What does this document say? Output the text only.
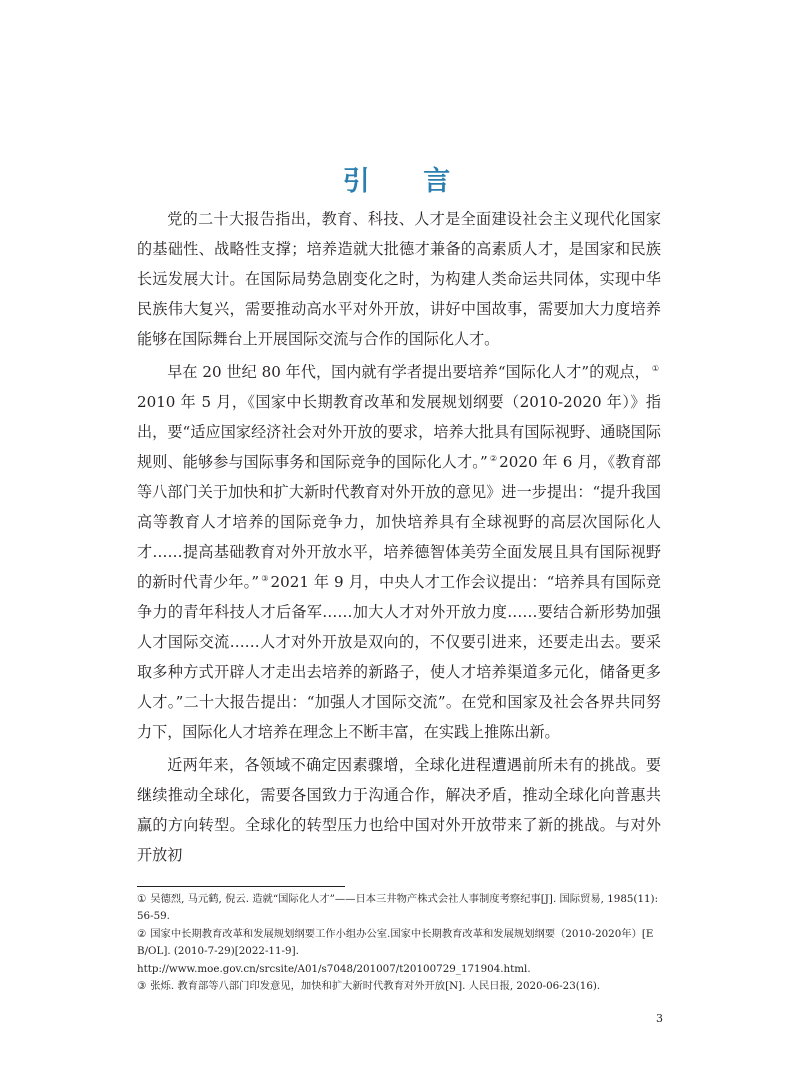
引 言

党的二十大报告指出，教育、科技、人才是全面建设社会主义现代化国家的基础性、战略性支撑；培养造就大批德才兼备的高素质人才，是国家和民族长远发展大计。在国际局势急剧变化之时，为构建人类命运共同体，实现中华民族伟大复兴，需要推动高水平对外开放，讲好中国故事，需要加大力度培养能够在国际舞台上开展国际交流与合作的国际化人才。

早在 20 世纪 80 年代，国内就有学者提出要培养“国际化人才”的观点， ①2010 年 5 月，《国家中长期教育改革和发展规划纲要（2010-2020 年）》指出，要“适应国家经济社会对外开放的要求，培养大批具有国际视野、通晓国际规则、能够参与国际事务和国际竞争的国际化人才。” ② 2020 年 6 月，《教育部等八部门关于加快和扩大新时代教育对外开放的意见》进一步提出：“提升我国高等教育人才培养的国际竞争力，加快培养具有全球视野的高层次国际化人才……提高基础教育对外开放水平，培养德智体美劳全面发展且具有国际视野的新时代青少年。” ③ 2021 年 9 月，中央人才工作会议提出：“培养具有国际竞争力的青年科技人才后备军……加大人才对外开放力度……要结合新形势加强人才国际交流……人才对外开放是双向的，不仅要引进来，还要走出去。要采取多种方式开辟人才走出去培养的新路子，使人才培养渠道多元化，储备更多人才。”二十大报告提出：“加强人才国际交流”。在党和国家及社会各界共同努力下，国际化人才培养在理念上不断丰富，在实践上推陈出新。

近两年来，各领域不确定因素骤增，全球化进程遭遇前所未有的挑战。要继续推动全球化，需要各国致力于沟通合作，解决矛盾，推动全球化向普惠共赢的方向转型。全球化的转型压力也给中国对外开放带来了新的挑战。与对外开放初

① 吴德烈, 马元鹤, 倪云. 造就“国际化人才”——日本三井物产株式会社人事制度考察纪事[J]. 国际贸易, 1985(11):56-59.
② 国家中长期教育改革和发展规划纲要工作小组办公室.国家中长期教育改革和发展规划纲要（2010-2020年）[EB/OL]. (2010-7-29)[2022-11-9].
http://www.moe.gov.cn/srcsite/A01/s7048/201007/t20100729_171904.html.
③ 张烁. 教育部等八部门印发意见，加快和扩大新时代教育对外开放[N]. 人民日报, 2020-06-23(16).
3
